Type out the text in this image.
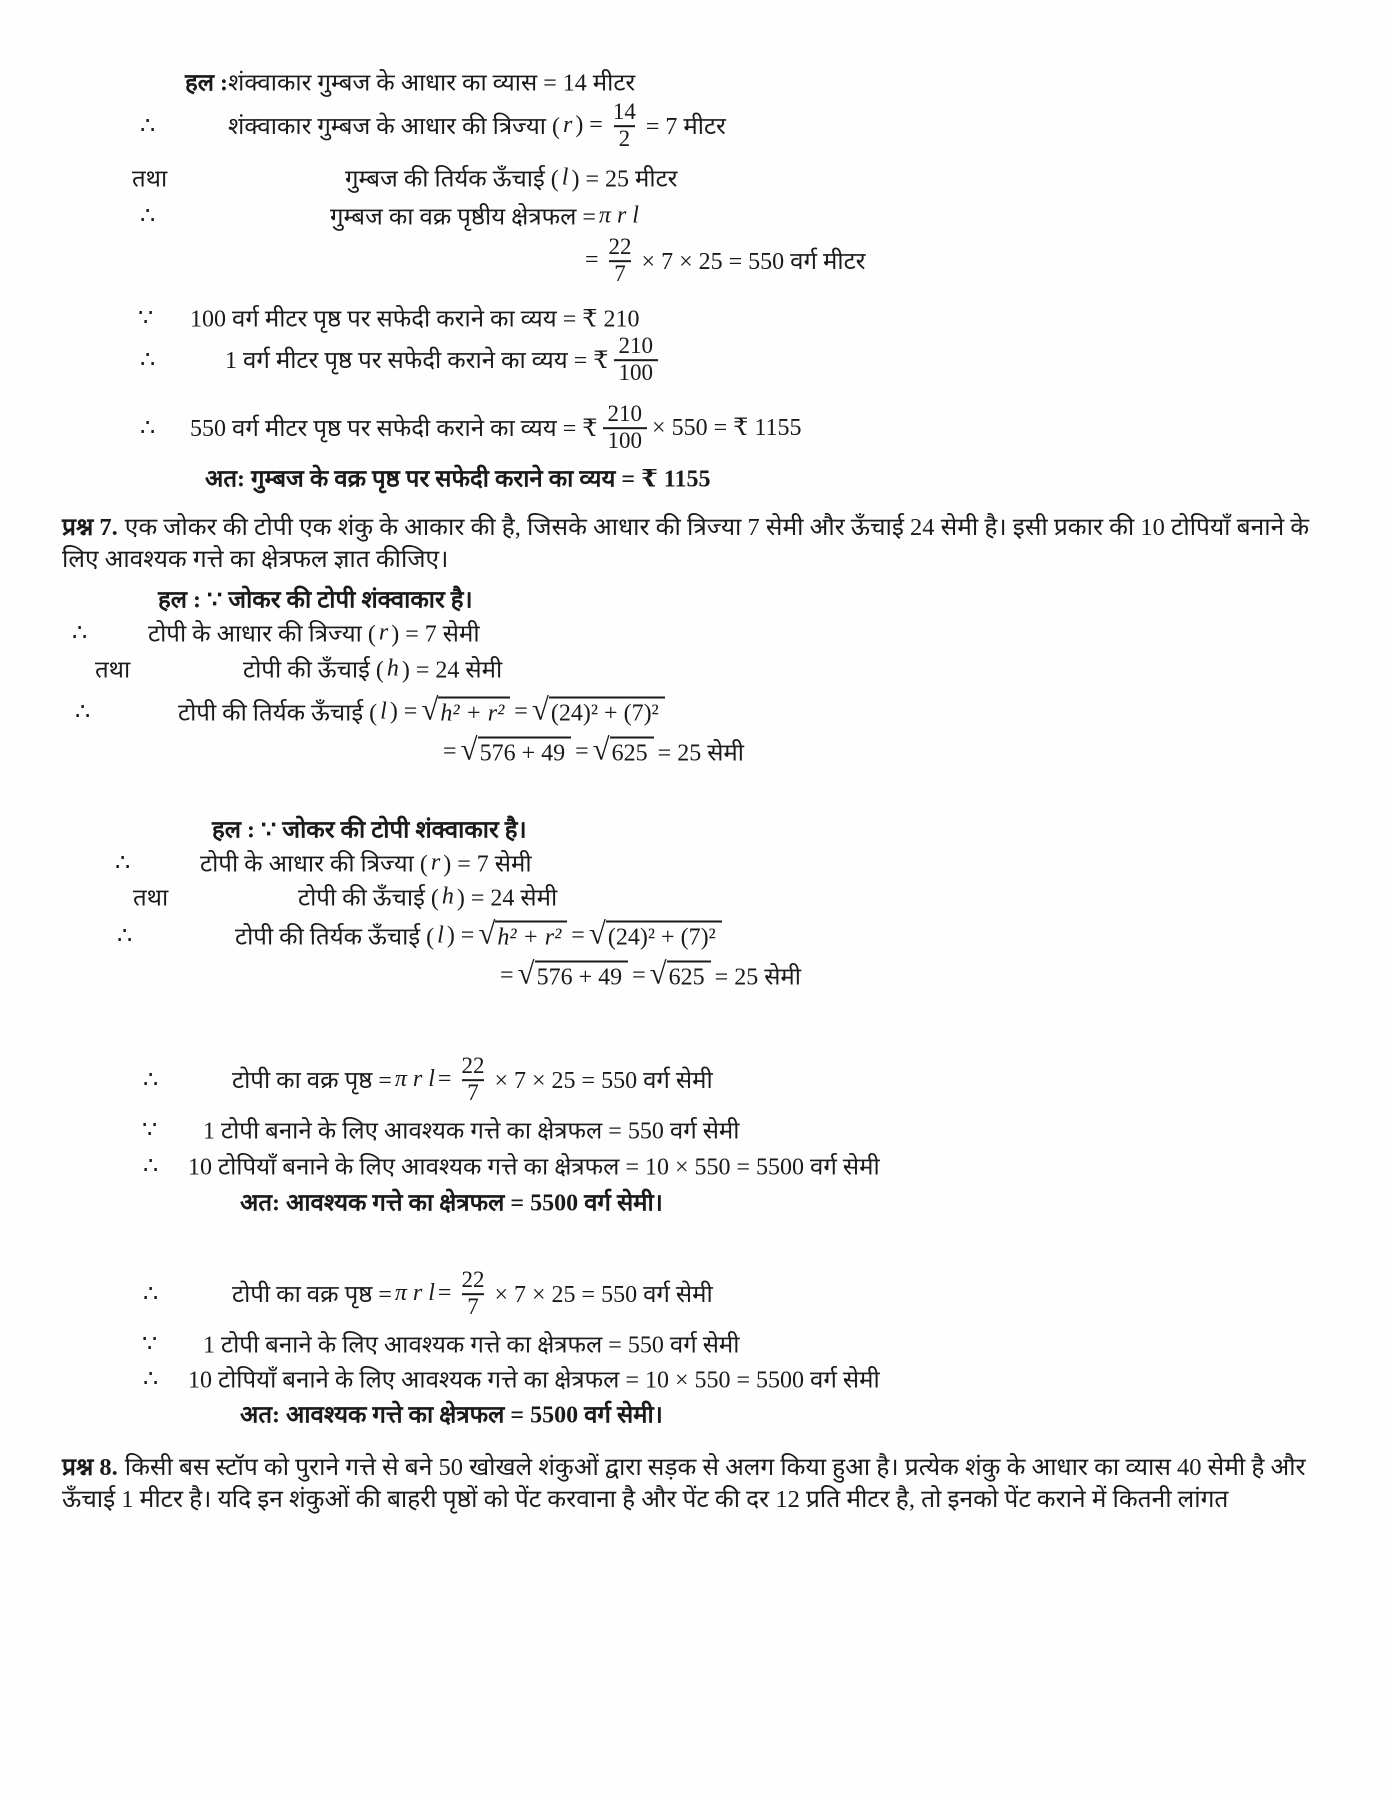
हल : शंक्वाकार गुम्बज के आधार का व्यास = 14 मीटर
∴	शंक्वाकार गुम्बज के आधार की त्रिज्या ( r ) = $\frac{14}{2} = 7$ मीटर
तथा	गुम्बज की तिर्यक ऊँचाई ( l ) = 25 मीटर
∴	गुम्बज का वक्र पृष्ठीय क्षेत्रफल = π r l
= $\frac{22}{7} \times 7 \times 25 = 550$ वर्ग मीटर
∵ 100 वर्ग मीटर पृष्ठ पर सफेदी कराने का व्यय = ₹ 210
∴	1 वर्ग मीटर पृष्ठ पर सफेदी कराने का व्यय = ₹ $\frac{210}{100}$
∴ 550 वर्ग मीटर पृष्ठ पर सफेदी कराने का व्यय = ₹ $\frac{210}{100} \times 550$ = ₹ 1155
अत: गुम्बज के वक्र पृष्ठ पर सफेदी कराने का व्यय = ₹ 1155
हल : ∵ जोकर की टोपी शंक्वाकार है।
∴	टोपी के आधार की त्रिज्या ( r ) = 7 सेमी
तथा	टोपी की ऊँचाई ( h ) = 24 सेमी
∴	टोपी की तिर्यक ऊँचाई ( l ) = √ h² + r² = √ (24)² + (7)²
= √ 576 + 49 = √ 625 = 25 सेमी
हल : ∵ जोकर की टोपी शंक्वाकार है।
∴	टोपी के आधार की त्रिज्या ( r ) = 7 सेमी
तथा	टोपी की ऊँचाई ( h ) = 24 सेमी
∴	टोपी की तिर्यक ऊँचाई ( l ) = √ h² + r² = √ (24)² + (7)²
= √ 576 + 49 = √ 625 = 25 सेमी
∴	टोपी का वक्र पृष्ठ = π r $l = \frac{22}{7} \times 7 \times 25 = 550$ वर्ग सेमी
∵ 1 टोपी बनाने के लिए आवश्यक गत्ते का क्षेत्रफल = 550 वर्ग सेमी
∴ 10 टोपियाँ बनाने के लिए आवश्यक गत्ते का क्षेत्रफल = 10 × 550 = 5500 वर्ग सेमी
अत: आवश्यक गत्ते का क्षेत्रफल = 5500 वर्ग सेमी।
∴	टोपी का वक्र पृष्ठ = π r $l = \frac{22}{7} \times 7 \times 25 = 550$ वर्ग सेमी
∵ 1 टोपी बनाने के लिए आवश्यक गत्ते का क्षेत्रफल = 550 वर्ग सेमी
∴ 10 टोपियाँ बनाने के लिए आवश्यक गत्ते का क्षेत्रफल = 10 × 550 = 5500 वर्ग सेमी
अत: आवश्यक गत्ते का क्षेत्रफल = 5500 वर्ग सेमी।

प्रश्न 7. एक जोकर की टोपी एक शंकु के आकार की है, जिसके आधार की त्रिज्या 7 सेमी और ऊँचाई 24 सेमी है। इसी प्रकार की 10 टोपियाँ बनाने के लिए आवश्यक गत्ते का क्षेत्रफल ज्ञात कीजिए।

प्रश्न 8. किसी बस स्टॉप को पुराने गत्ते से बने 50 खोखले शंकुओं द्वारा सड़क से अलग किया हुआ है। प्रत्येक शंकु के आधार का व्यास 40 सेमी है और ऊँचाई 1 मीटर है। यदि इन शंकुओं की बाहरी पृष्ठों को पेंट करवाना है और पेंट की दर 12 प्रति मीटर है, तो इनको पेंट कराने में कितनी लांगत
